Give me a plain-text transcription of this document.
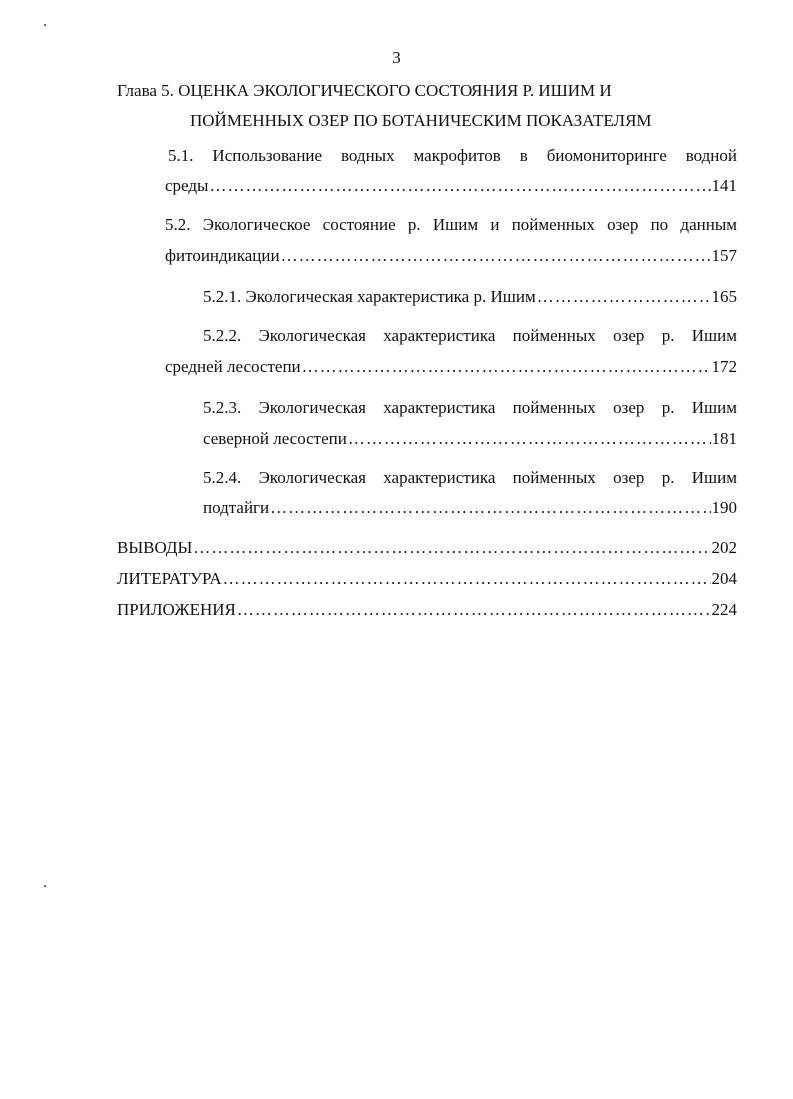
3
Глава 5. ОЦЕНКА ЭКОЛОГИЧЕСКОГО СОСТОЯНИЯ Р. ИШИМ И
ПОЙМЕННЫХ ОЗЕР ПО БОТАНИЧЕСКИМ ПОКАЗАТЕЛЯМ
5.1. Использование водных макрофитов в биомониторинге водной
среды ………………………………………………………………………………………………………………………………………………………………………………	141
5.2. Экологическое состояние р. Ишим и пойменных озер по данным
фитоиндикации ………………………………………………………………………………………………………………………………………………………………………………	157
5.2.1. Экологическая характеристика р. Ишим ………………………………………………………………………………………………………………………………………………………………………………	165
5.2.2. Экологическая характеристика пойменных озер р. Ишим
средней лесостепи ………………………………………………………………………………………………………………………………………………………………………………	172
5.2.3. Экологическая характеристика пойменных озер р. Ишим
северной лесостепи ………………………………………………………………………………………………………………………………………………………………………………	181
5.2.4. Экологическая характеристика пойменных озер р. Ишим
подтайги ………………………………………………………………………………………………………………………………………………………………………………	190
ВЫВОДЫ ………………………………………………………………………………………………………………………………………………………………………………	202
ЛИТЕРАТУРА ………………………………………………………………………………………………………………………………………………………………………………	204
ПРИЛОЖЕНИЯ ………………………………………………………………………………………………………………………………………………………………………………	224
